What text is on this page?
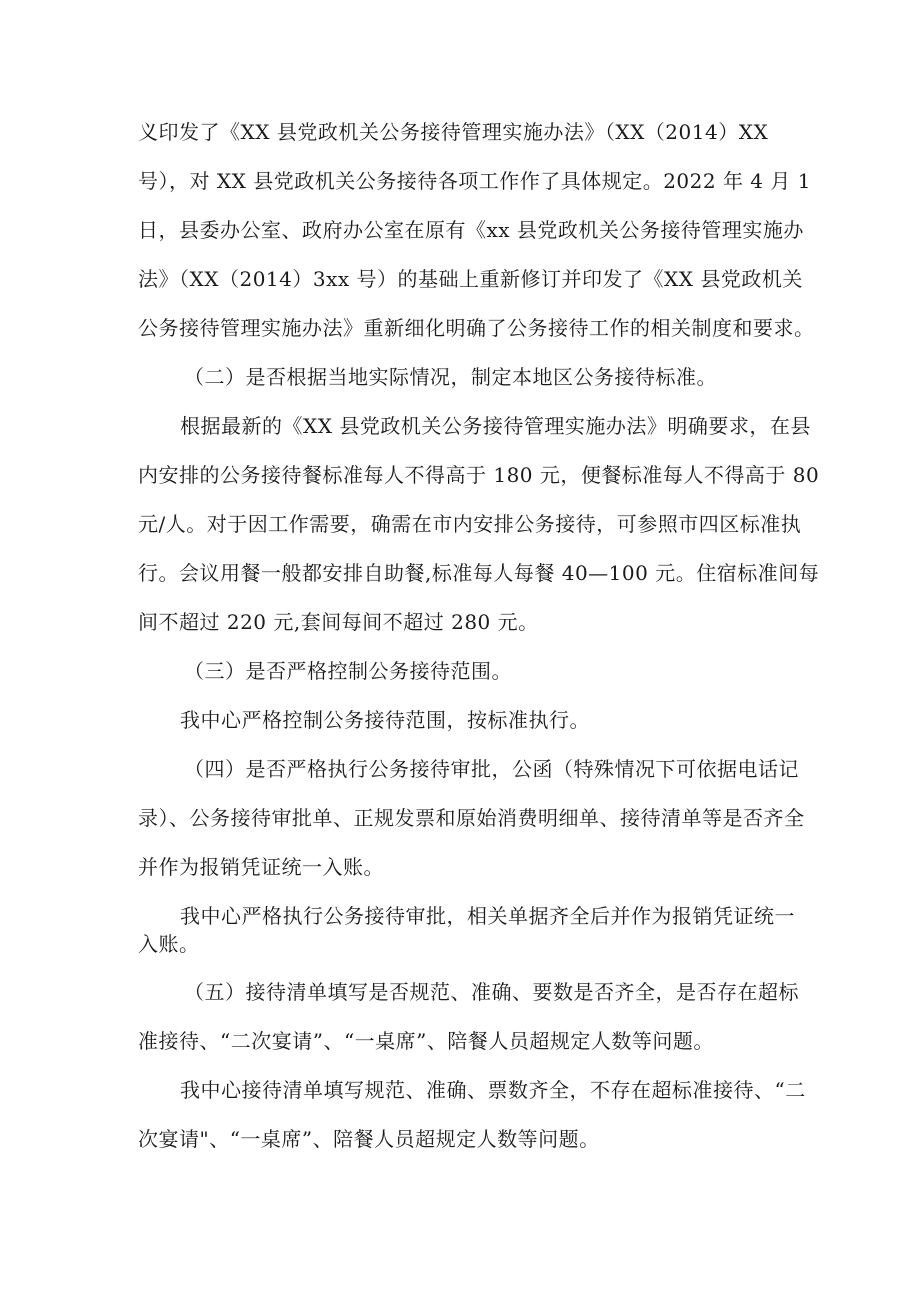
义印发了《XX 县党政机关公务接待管理实施办法》（XX（2014）XX
号），对 XX 县党政机关公务接待各项工作作了具体规定。2022 年 4 月 1
日，县委办公室、政府办公室在原有《xx 县党政机关公务接待管理实施办
法》（XX（2014）3xx 号）的基础上重新修订并印发了《XX 县党政机关
公务接待管理实施办法》重新细化明确了公务接待工作的相关制度和要求。
（二）是否根据当地实际情况，制定本地区公务接待标准。
根据最新的《XX 县党政机关公务接待管理实施办法》明确要求，在县
内安排的公务接待餐标准每人不得高于 180 元，便餐标准每人不得高于 80
元/人。对于因工作需要，确需在市内安排公务接待，可参照市四区标准执
行。会议用餐一般都安排自助餐,标准每人每餐 40—100 元。住宿标准间每
间不超过 220 元,套间每间不超过 280 元。
（三）是否严格控制公务接待范围。
我中心严格控制公务接待范围，按标准执行。
（四）是否严格执行公务接待审批，公函（特殊情况下可依据电话记
录）、公务接待审批单、正规发票和原始消费明细单、接待清单等是否齐全
并作为报销凭证统一入账。
我中心严格执行公务接待审批，相关单据齐全后并作为报销凭证统一
入账。
（五）接待清单填写是否规范、准确、要数是否齐全，是否存在超标
准接待、“二次宴请”、“一桌席”、陪餐人员超规定人数等问题。
我中心接待清单填写规范、准确、票数齐全，不存在超标准接待、“二
次宴请"、“一桌席”、陪餐人员超规定人数等问题。
